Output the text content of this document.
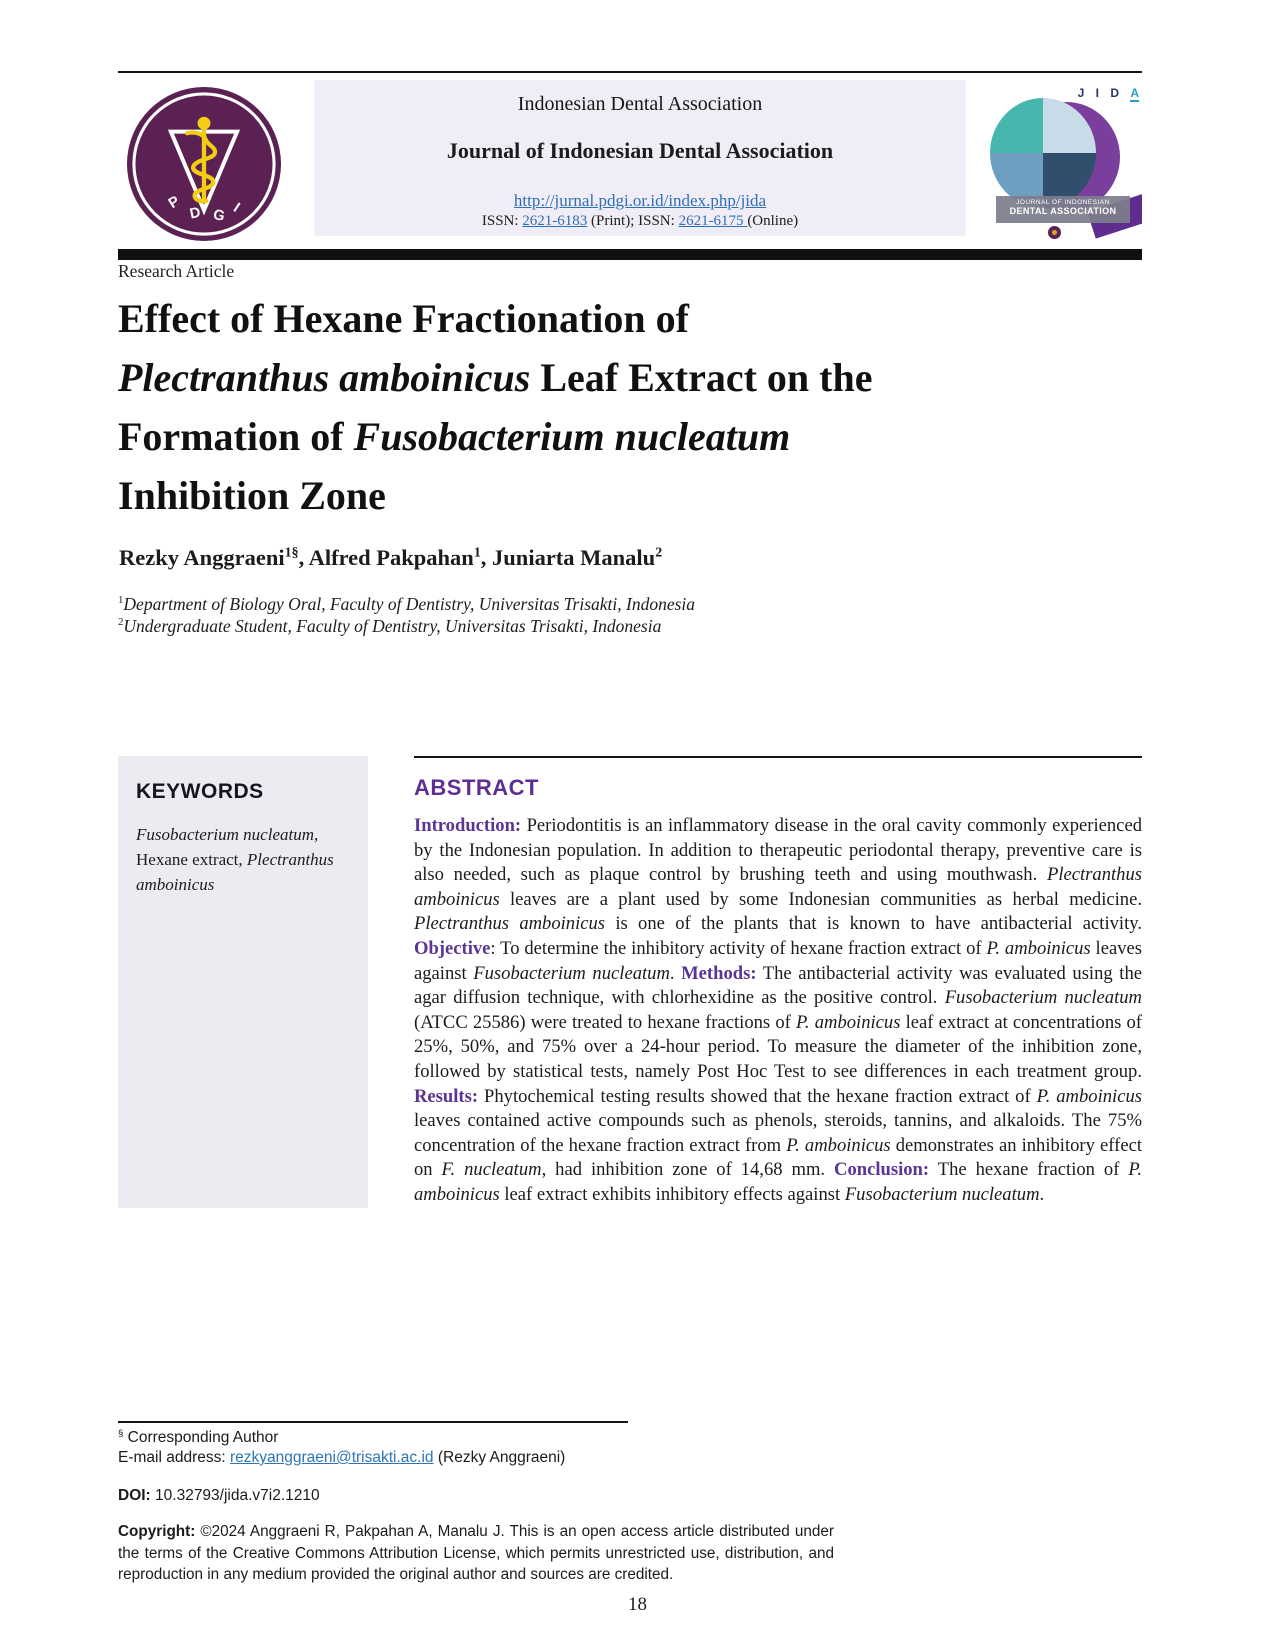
P
D G I
Indonesian Dental Association
Journal of Indonesian Dental Association
http://jurnal.pdgi.or.id/index.php/jida
ISSN: 2621-6183 (Print); ISSN: 2621-6175 (Online)
J I D A
JOURNAL OF INDONESIAN
DENTAL ASSOCIATION
Research Article
Effect of Hexane Fractionation of
Plectranthus amboinicus Leaf Extract on the
Formation of Fusobacterium nucleatum
Inhibition Zone
Rezky Anggraeni$^{1\S}$, Alfred Pakpahan$^1$, Juniarta Manalu$^2$
$^1$Department of Biology Oral, Faculty of Dentistry, Universitas Trisakti, Indonesia
$^2$Undergraduate Student, Faculty of Dentistry, Universitas Trisakti, Indonesia
KEYWORDS
Fusobacterium nucleatum, Hexane extract, Plectranthus amboinicus
ABSTRACT

Introduction: Periodontitis is an inflammatory disease in the oral cavity commonly experienced by the Indonesian population. In addition to therapeutic periodontal therapy, preventive care is also needed, such as plaque control by brushing teeth and using mouthwash. Plectranthus amboinicus leaves are a plant used by some Indonesian communities as herbal medicine. Plectranthus amboinicus is one of the plants that is known to have antibacterial activity. Objective: To determine the inhibitory activity of hexane fraction extract of P. amboinicus leaves against Fusobacterium nucleatum. Methods: The antibacterial activity was evaluated using the agar diffusion technique, with chlorhexidine as the positive control. Fusobacterium nucleatum (ATCC 25586) were treated to hexane fractions of P. amboinicus leaf extract at concentrations of 25%, 50%, and 75% over a 24-hour period. To measure the diameter of the inhibition zone, followed by statistical tests, namely Post Hoc Test to see differences in each treatment group. Results: Phytochemical testing results showed that the hexane fraction extract of P. amboinicus leaves contained active compounds such as phenols, steroids, tannins, and alkaloids. The 75% concentration of the hexane fraction extract from P. amboinicus demonstrates an inhibitory effect on F. nucleatum, had inhibition zone of 14,68 mm. Conclusion: The hexane fraction of P. amboinicus leaf extract exhibits inhibitory effects against Fusobacterium nucleatum.

§ Corresponding Author
E-mail address: rezkyanggraeni@trisakti.ac.id (Rezky Anggraeni)
DOI: 10.32793/jida.v7i2.1210
Copyright: ©2024 Anggraeni R, Pakpahan A, Manalu J. This is an open access article distributed under the terms of the Creative Commons Attribution License, which permits unrestricted use, distribution, and reproduction in any medium provided the original author and sources are credited.
18
